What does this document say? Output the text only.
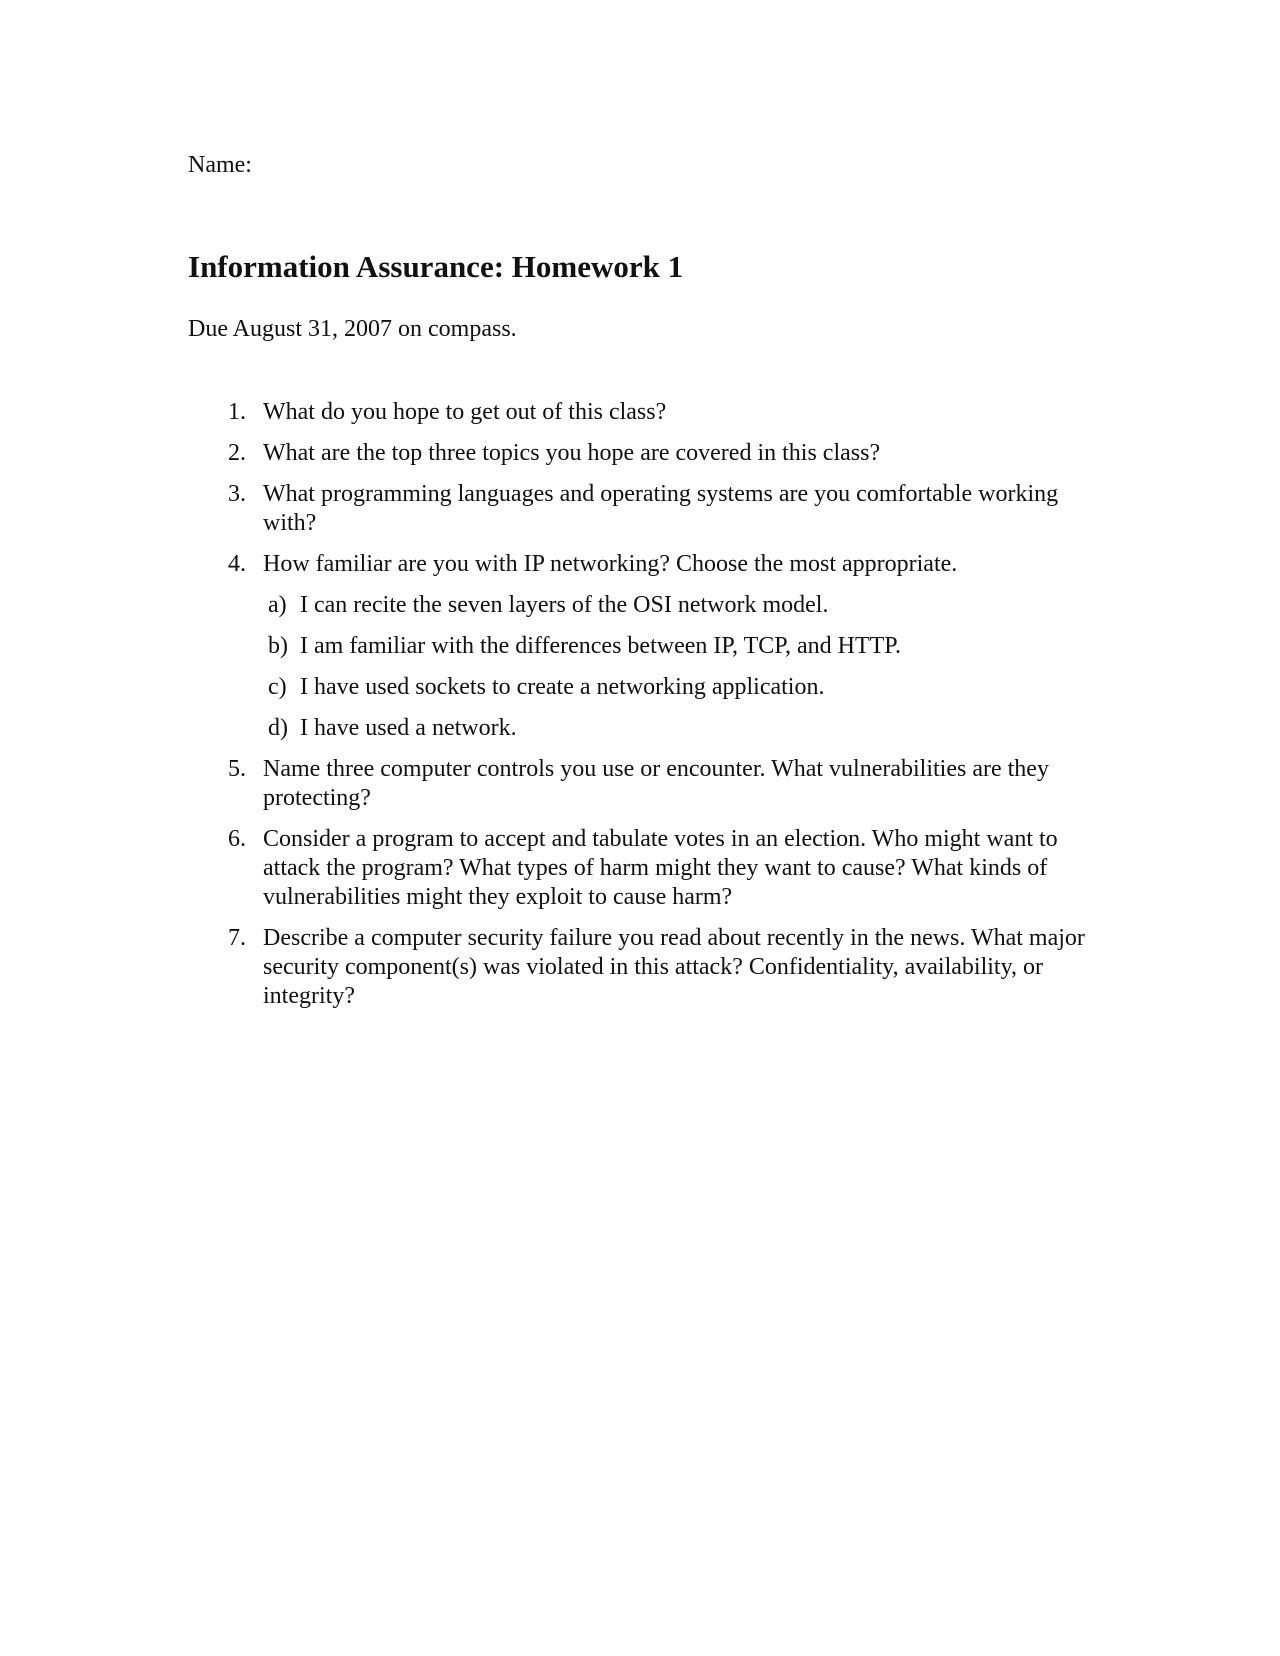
Name:
Information Assurance: Homework 1
Due August 31, 2007 on compass.
1. What do you hope to get out of this class?
2. What are the top three topics you hope are covered in this class?
3. What programming languages and operating systems are you comfortable working with?
4. How familiar are you with IP networking? Choose the most appropriate.
a) I can recite the seven layers of the OSI network model.
b) I am familiar with the differences between IP, TCP, and HTTP.
c) I have used sockets to create a networking application.
d) I have used a network.
5. Name three computer controls you use or encounter. What vulnerabilities are they protecting?
6. Consider a program to accept and tabulate votes in an election. Who might want to attack the program? What types of harm might they want to cause? What kinds of vulnerabilities might they exploit to cause harm?
7. Describe a computer security failure you read about recently in the news. What major security component(s) was violated in this attack? Confidentiality, availability, or integrity?
